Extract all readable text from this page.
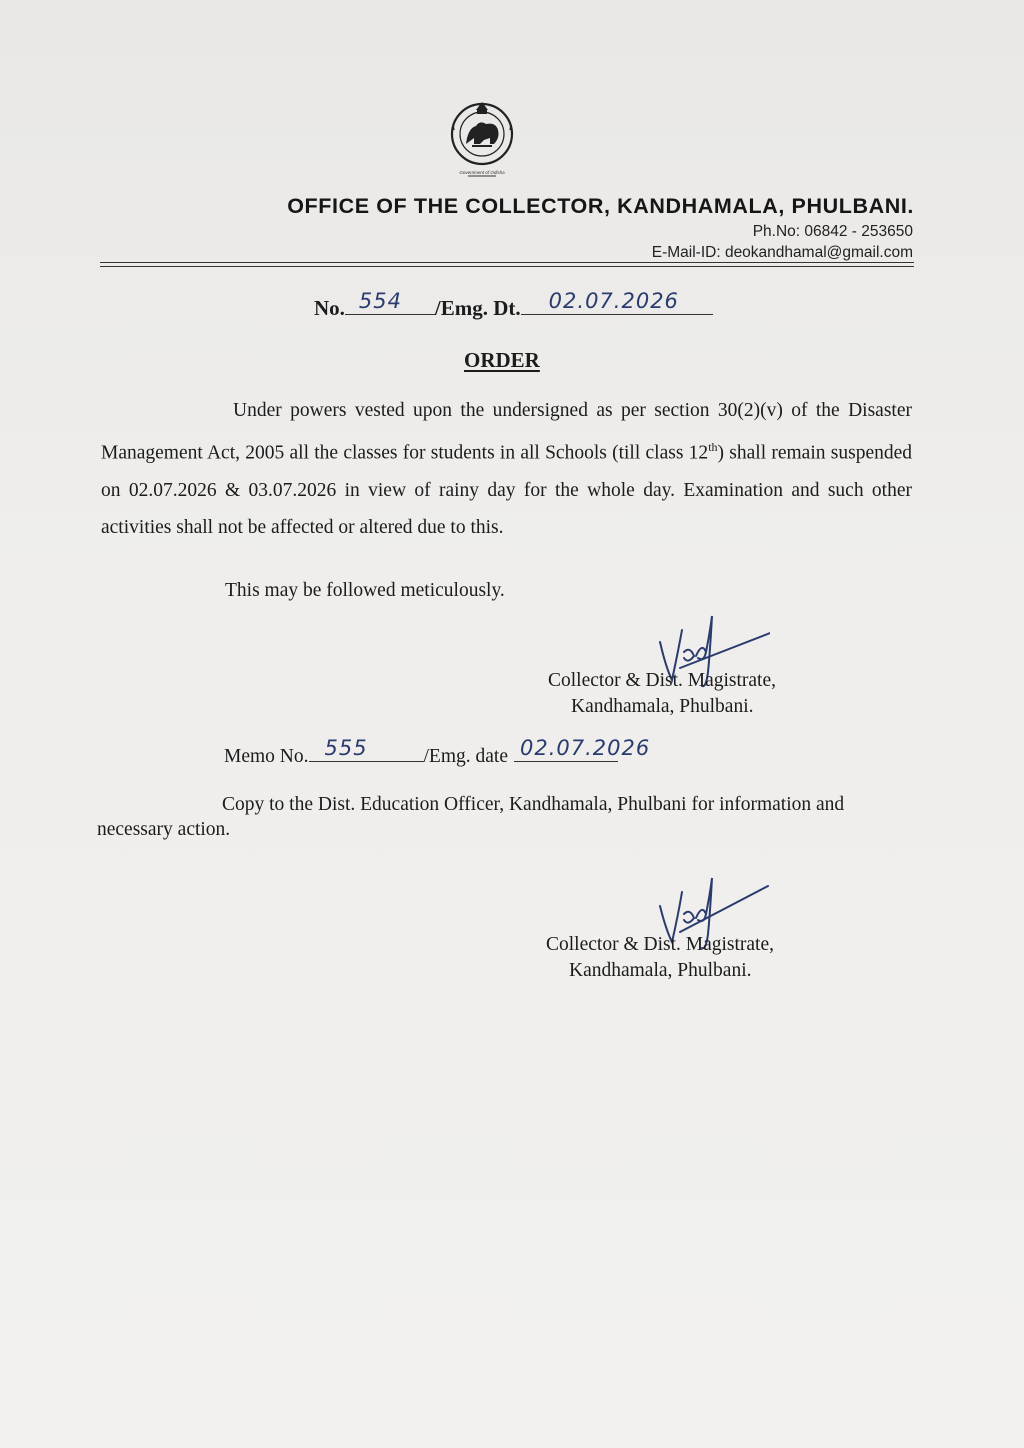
Government of Odisha
OFFICE OF THE COLLECTOR, KANDHAMALA, PHULBANI.
Ph.No: 06842 - 253650
E-Mail-ID: deokandhamal@gmail.com
No. 554 /Emg. Dt. 02.07.2026
ORDER
Under powers vested upon the undersigned as per section 30(2)(v) of the Disaster Management Act, 2005 all the classes for students in all Schools (till class 12th) shall remain suspended on 02.07.2026 & 03.07.2026 in view of rainy day for the whole day. Examination and such other activities shall not be affected or altered due to this.
This may be followed meticulously.
Collector & Dist. Magistrate,
Kandhamala, Phulbani.
Memo No. 555	/Emg. date 02.07.2026
Copy to the Dist. Education Officer, Kandhamala, Phulbani for information and necessary action.
Collector & Dist. Magistrate,
Kandhamala, Phulbani.
